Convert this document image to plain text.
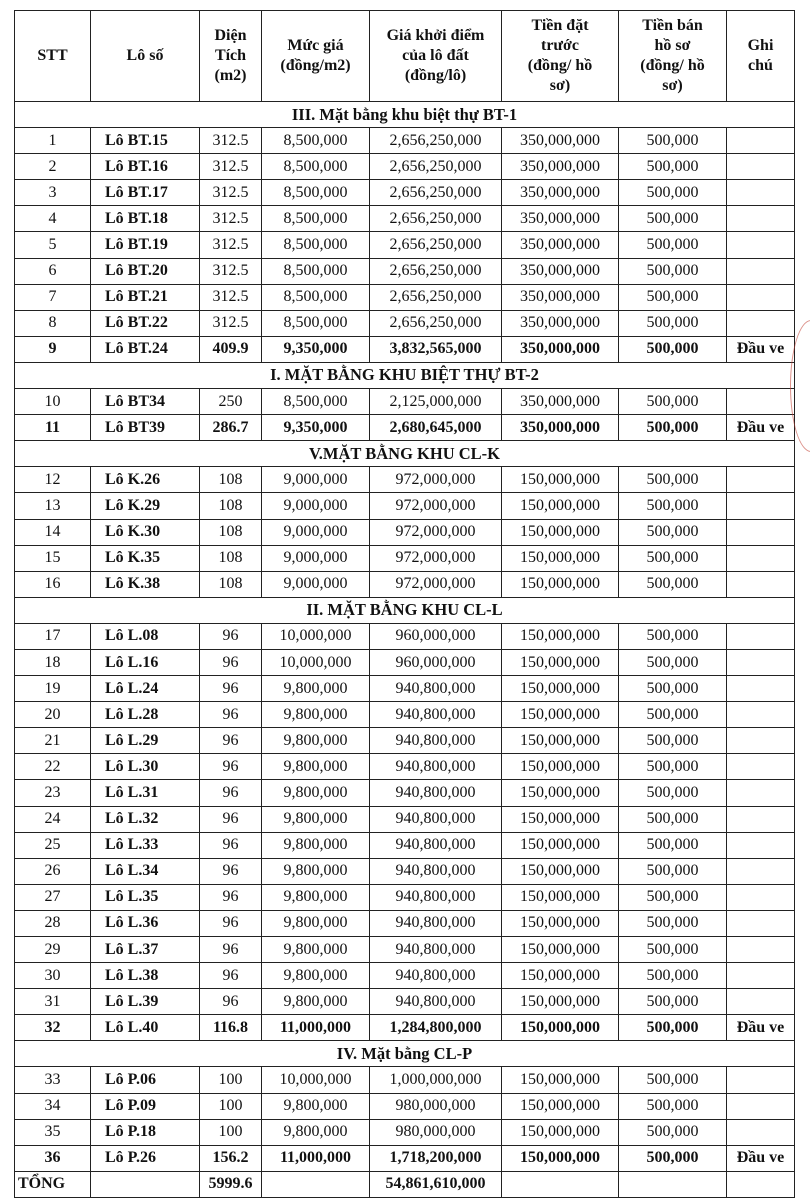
STT	Lô số	Diện
Tích
(m2)	Mức giá
(đồng/m2)	Giá khởi điểm
của lô đất
(đồng/lô)	Tiền đặt
trước
(đồng/ hồ
sơ)	Tiền bán
hồ sơ
(đồng/ hồ
sơ)	Ghi
chú

III. Mặt bằng khu biệt thự BT-1							
1	Lô BT.15	312.5	8,500,000	2,656,250,000	350,000,000	500,000	
2	Lô BT.16	312.5	8,500,000	2,656,250,000	350,000,000	500,000	
3	Lô BT.17	312.5	8,500,000	2,656,250,000	350,000,000	500,000	
4	Lô BT.18	312.5	8,500,000	2,656,250,000	350,000,000	500,000	
5	Lô BT.19	312.5	8,500,000	2,656,250,000	350,000,000	500,000	
6	Lô BT.20	312.5	8,500,000	2,656,250,000	350,000,000	500,000	
7	Lô BT.21	312.5	8,500,000	2,656,250,000	350,000,000	500,000	
8	Lô BT.22	312.5	8,500,000	2,656,250,000	350,000,000	500,000	
9	Lô BT.24	409.9	9,350,000	3,832,565,000	350,000,000	500,000	Đầu ve
I. MẶT BẰNG KHU BIỆT THỰ BT-2							
10	Lô BT34	250	8,500,000	2,125,000,000	350,000,000	500,000	
11	Lô BT39	286.7	9,350,000	2,680,645,000	350,000,000	500,000	Đầu ve
V.MẶT BẰNG KHU CL-K							
12	Lô K.26	108	9,000,000	972,000,000	150,000,000	500,000	
13	Lô K.29	108	9,000,000	972,000,000	150,000,000	500,000	
14	Lô K.30	108	9,000,000	972,000,000	150,000,000	500,000	
15	Lô K.35	108	9,000,000	972,000,000	150,000,000	500,000	
16	Lô K.38	108	9,000,000	972,000,000	150,000,000	500,000	
II. MẶT BẰNG KHU CL-L							
17	Lô L.08	96	10,000,000	960,000,000	150,000,000	500,000	
18	Lô L.16	96	10,000,000	960,000,000	150,000,000	500,000	
19	Lô L.24	96	9,800,000	940,800,000	150,000,000	500,000	
20	Lô L.28	96	9,800,000	940,800,000	150,000,000	500,000	
21	Lô L.29	96	9,800,000	940,800,000	150,000,000	500,000	
22	Lô L.30	96	9,800,000	940,800,000	150,000,000	500,000	
23	Lô L.31	96	9,800,000	940,800,000	150,000,000	500,000	
24	Lô L.32	96	9,800,000	940,800,000	150,000,000	500,000	
25	Lô L.33	96	9,800,000	940,800,000	150,000,000	500,000	
26	Lô L.34	96	9,800,000	940,800,000	150,000,000	500,000	
27	Lô L.35	96	9,800,000	940,800,000	150,000,000	500,000	
28	Lô L.36	96	9,800,000	940,800,000	150,000,000	500,000	
29	Lô L.37	96	9,800,000	940,800,000	150,000,000	500,000	
30	Lô L.38	96	9,800,000	940,800,000	150,000,000	500,000	
31	Lô L.39	96	9,800,000	940,800,000	150,000,000	500,000	
32	Lô L.40	116.8	11,000,000	1,284,800,000	150,000,000	500,000	Đầu ve
IV. Mặt bằng CL-P							
33	Lô P.06	100	10,000,000	1,000,000,000	150,000,000	500,000	
34	Lô P.09	100	9,800,000	980,000,000	150,000,000	500,000	
35	Lô P.18	100	9,800,000	980,000,000	150,000,000	500,000	
36	Lô P.26	156.2	11,000,000	1,718,200,000	150,000,000	500,000	Đầu ve
TỔNG		5999.6		54,861,610,000			
